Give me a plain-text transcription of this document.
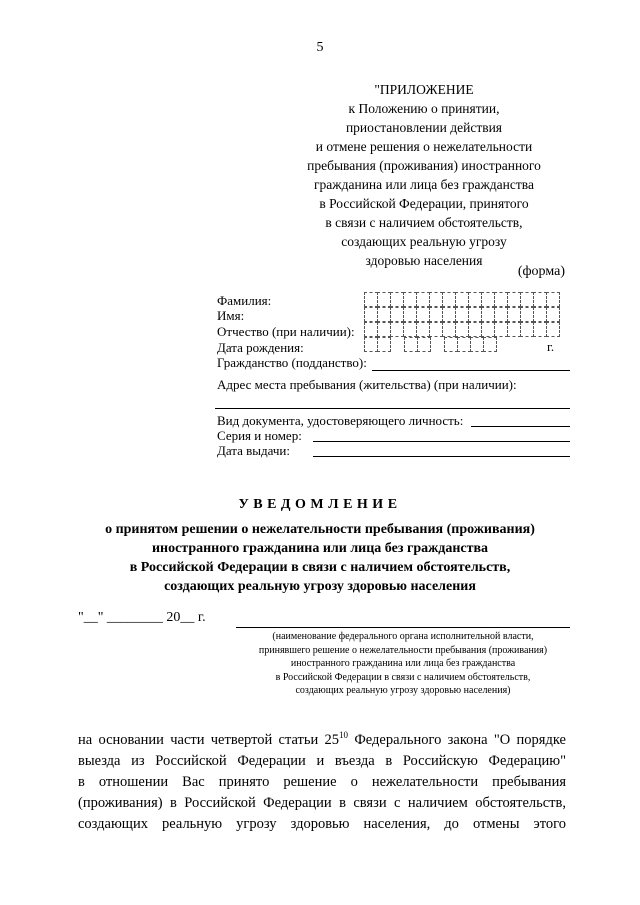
5
"ПРИЛОЖЕНИЕ
к Положению о принятии,
приостановлении действия
и отмене решения о нежелательности
пребывания (проживания) иностранного
гражданина или лица без гражданства
в Российской Федерации, принятого
в связи с наличием обстоятельств,
создающих реальную угрозу
здоровью населения
(форма)
Фамилия:
Имя:
Отчество (при наличии):
Дата рождения:
Гражданство (подданство):
г.
Адрес места пребывания (жительства) (при наличии):
Вид документа, удостоверяющего личность:
Серия и номер:
Дата выдачи:
УВЕДОМЛЕНИЕ
о принятом решении о нежелательности пребывания (проживания)
иностранного гражданина или лица без гражданства
в Российской Федерации в связи с наличием обстоятельств,
создающих реальную угрозу здоровью населения
"__" ________ 20__ г.
(наименование федерального органа исполнительной власти,
принявшего решение о нежелательности пребывания (проживания)
иностранного гражданина или лица без гражданства
в Российской Федерации в связи с наличием обстоятельств,
создающих реальную угрозу здоровью населения)
на основании части четвертой статьи $25^{10}$ Федерального закона "О порядке
выезда из Российской Федерации и въезда в Российскую Федерацию"
в отношении Вас принято решение о нежелательности пребывания
(проживания) в Российской Федерации в связи с наличием обстоятельств,
создающих реальную угрозу здоровью населения, до отмены этого
